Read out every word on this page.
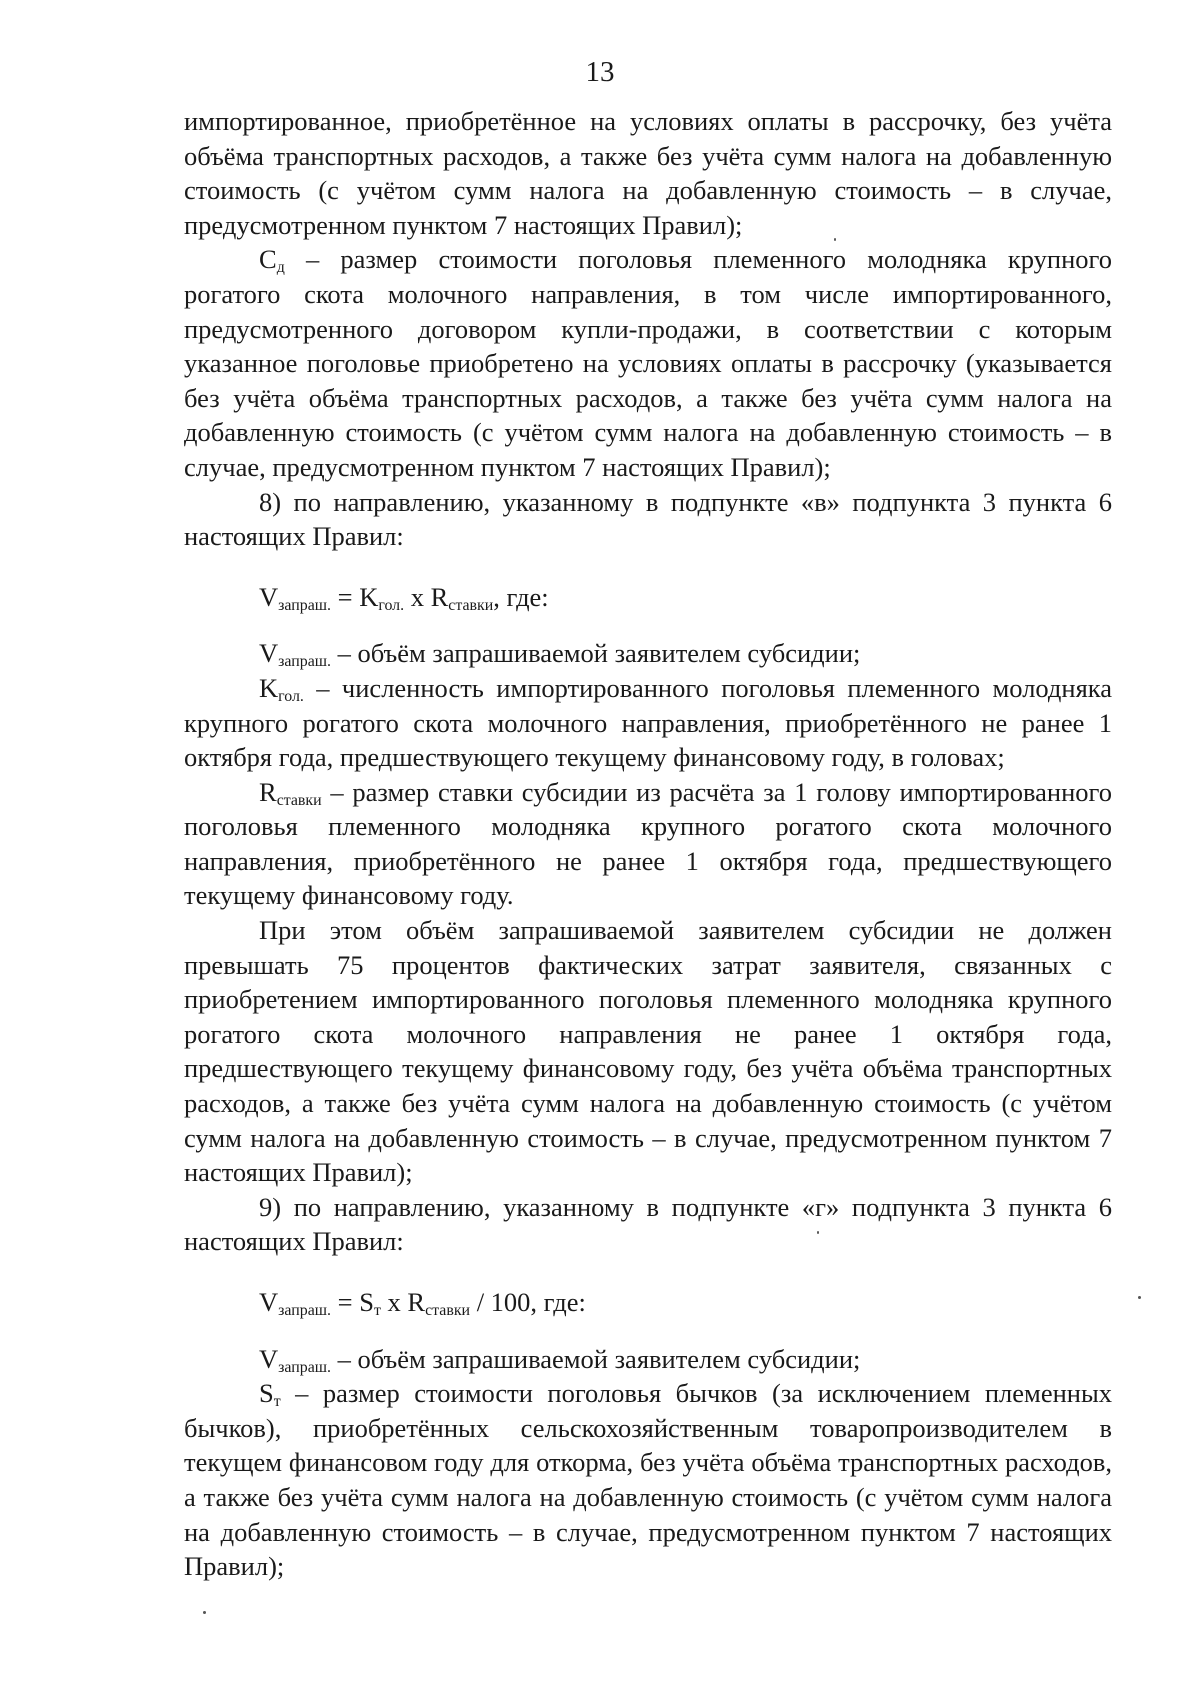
13

импортированное, приобретённое на условиях оплаты в рассрочку, без учёта объёма транспортных расходов, а также без учёта сумм налога на добавленную стоимость (с учётом сумм налога на добавленную стоимость – в случае, предусмотренном пунктом 7 настоящих Правил);

$С_д$ – размер стоимости поголовья племенного молодняка крупного рогатого скота молочного направления, в том числе импортированного, предусмотренного договором купли-продажи, в соответствии с которым указанное поголовье приобретено на условиях оплаты в рассрочку (указывается без учёта объёма транспортных расходов, а также без учёта сумм налога на добавленную стоимость (с учётом сумм налога на добавленную стоимость – в случае, предусмотренном пунктом 7 настоящих Правил);

8) по направлению, указанному в подпункте «в» подпункта 3 пункта 6 настоящих Правил:

$V_{запраш.} = K_{гол.}$ х $R_{ставки}$, где:

$V_{запраш.}$ – объём запрашиваемой заявителем субсидии;

$K_{гол.}$ – численность импортированного поголовья племенного молодняка крупного рогатого скота молочного направления, приобретённого не ранее 1 октября года, предшествующего текущему финансовому году, в головах;

$R_{ставки}$ – размер ставки субсидии из расчёта за 1 голову импортированного поголовья племенного молодняка крупного рогатого скота молочного направления, приобретённого не ранее 1 октября года, предшествующего текущему финансовому году.

При этом объём запрашиваемой заявителем субсидии не должен превышать 75 процентов фактических затрат заявителя, связанных с приобретением импортированного поголовья племенного молодняка крупного рогатого скота молочного направления не ранее 1 октября года, предшествующего текущему финансовому году, без учёта объёма транспортных расходов, а также без учёта сумм налога на добавленную стоимость (с учётом сумм налога на добавленную стоимость – в случае, предусмотренном пунктом 7 настоящих Правил);

9) по направлению, указанному в подпункте «г» подпункта 3 пункта 6 настоящих Правил:

$V_{запраш.} = S_т$ х $R_{ставки} / 100$, где:

$V_{запраш.}$ – объём запрашиваемой заявителем субсидии;

$S_т$ – размер стоимости поголовья бычков (за исключением племенных бычков), приобретённых сельскохозяйственным товаропроизводителем в текущем финансовом году для откорма, без учёта объёма транспортных расходов, а также без учёта сумм налога на добавленную стоимость (с учётом сумм налога на добавленную стоимость – в случае, предусмотренном пунктом 7 настоящих Правил);
